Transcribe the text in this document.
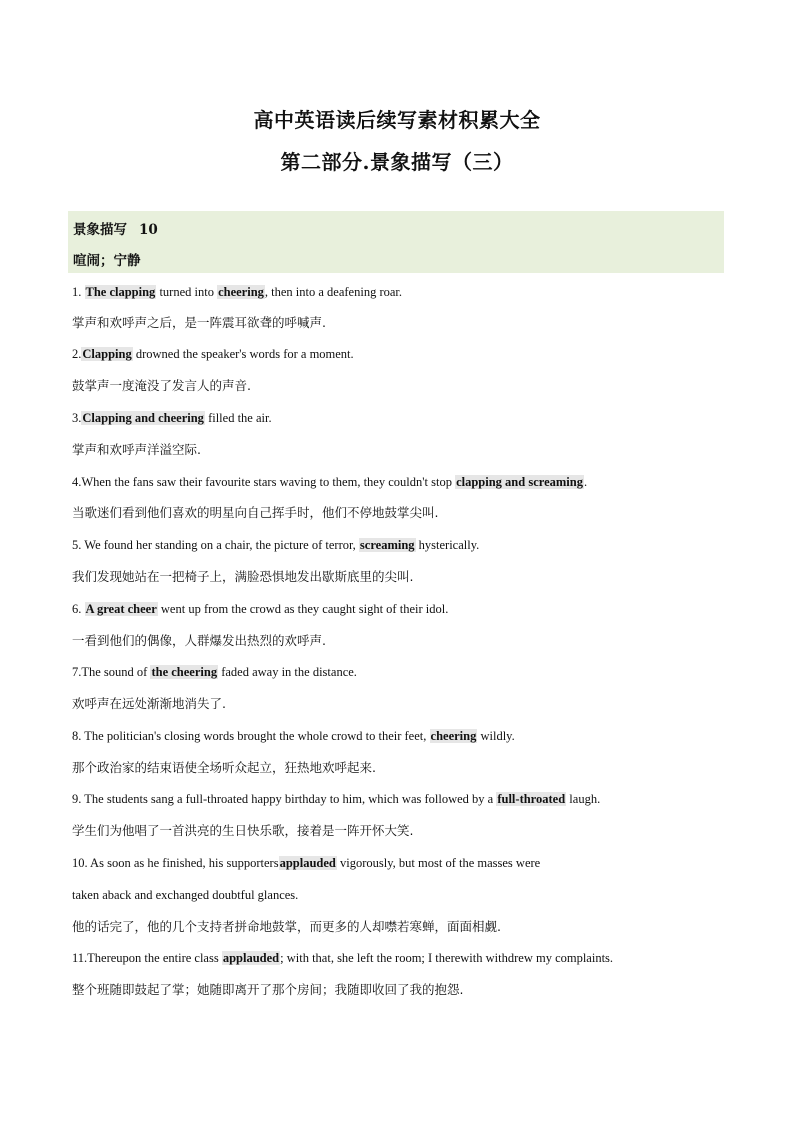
高中英语读后续写素材积累大全
第二部分.景象描写（三）
景象描写 10
喧闹；宁静
1. The clapping turned into cheering, then into a deafening roar.
掌声和欢呼声之后，是一阵震耳欲聋的呼喊声.
2.Clapping drowned the speaker's words for a moment.
鼓掌声一度淹没了发言人的声音.
3.Clapping and cheering filled the air.
掌声和欢呼声洋溢空际.
4.When the fans saw their favourite stars waving to them, they couldn't stop clapping and screaming.
当歌迷们看到他们喜欢的明星向自己挥手时，他们不停地鼓掌尖叫.
5. We found her standing on a chair, the picture of terror, screaming hysterically.
我们发现她站在一把椅子上，满脸恐惧地发出歇斯底里的尖叫.
6. A great cheer went up from the crowd as they caught sight of their idol.
一看到他们的偶像，人群爆发出热烈的欢呼声.
7.The sound of the cheering faded away in the distance.
欢呼声在远处渐渐地消失了.
8. The politician's closing words brought the whole crowd to their feet, cheering wildly.
那个政治家的结束语使全场听众起立，狂热地欢呼起来.
9. The students sang a full-throated happy birthday to him, which was followed by a full-throated laugh.
学生们为他唱了一首洪亮的生日快乐歌，接着是一阵开怀大笑.
10. As soon as he finished, his supportersapplauded vigorously, but most of the masses were
taken aback and exchanged doubtful glances.
他的话完了，他的几个支持者拼命地鼓掌，而更多的人却噤若寒蝉，面面相觑.
11.Thereupon the entire class applauded; with that, she left the room; I therewith withdrew my complaints.
整个班随即鼓起了掌；她随即离开了那个房间；我随即收回了我的抱怨.
